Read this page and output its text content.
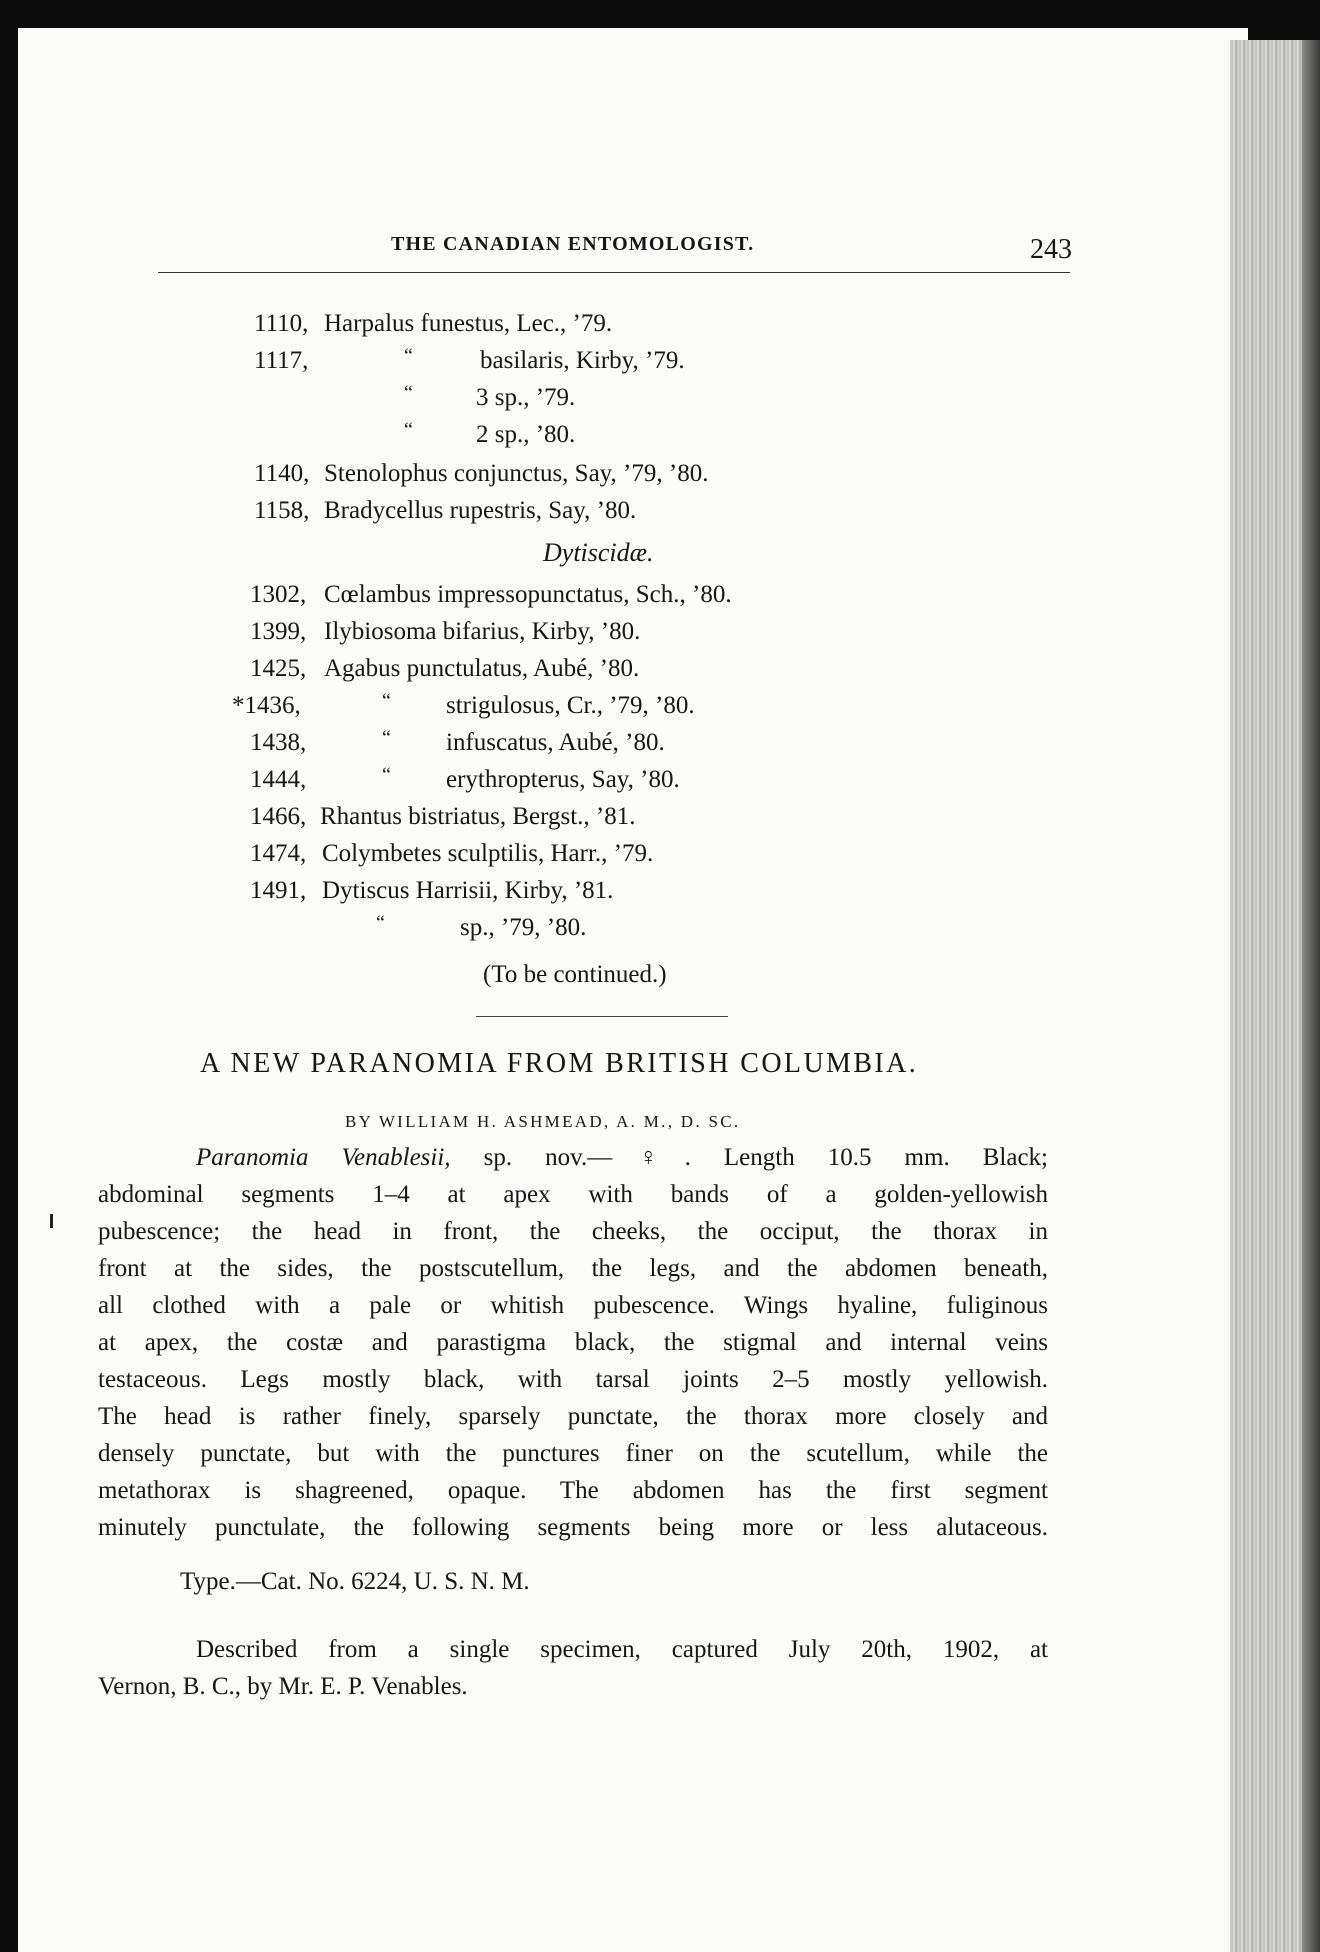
THE CANADIAN ENTOMOLOGIST.	243
1110, Harpalus funestus, Lec., ’79.
1117,	“	basilaris, Kirby, ’79.
“	3 sp., ’79.
“	2 sp., ’80.
1140, Stenolophus conjunctus, Say, ’79, ’80.
1158, Bradycellus rupestris, Say, ’80.
Dytiscidæ.
1302, Cœlambus impressopunctatus, Sch., ’80.
1399, Ilybiosoma bifarius, Kirby, ’80.
1425, Agabus punctulatus, Aubé, ’80.
*1436,	“ strigulosus, Cr., ’79, ’80.
1438,	“ infuscatus, Aubé, ’80.
1444,	“ erythropterus, Say, ’80.
1466, Rhantus bistriatus, Bergst., ’81.
1474, Colymbetes sculptilis, Harr., ’79.
1491, Dytiscus Harrisii, Kirby, ’81.
“	sp., ’79, ’80.
(To be continued.)
A NEW PARANOMIA FROM BRITISH COLUMBIA.
BY WILLIAM H. ASHMEAD, A. M., D. SC.
Paranomia Venablesii, sp. nov.—♀. Length 10.5 mm. Black;
abdominal segments 1–4 at apex with bands of a golden-yellowish
pubescence; the head in front, the cheeks, the occiput, the thorax in
front at the sides, the postscutellum, the legs, and the abdomen beneath,
all clothed with a pale or whitish pubescence. Wings hyaline, fuliginous
at apex, the costæ and parastigma black, the stigmal and internal veins
testaceous. Legs mostly black, with tarsal joints 2–5 mostly yellowish.
The head is rather finely, sparsely punctate, the thorax more closely and
densely punctate, but with the punctures finer on the scutellum, while the
metathorax is shagreened, opaque. The abdomen has the first segment
minutely punctulate, the following segments being more or less alutaceous.
Type.—Cat. No. 6224, U. S. N. M.
Described from a single specimen, captured July 20th, 1902, at
Vernon, B. C., by Mr. E. P. Venables.
